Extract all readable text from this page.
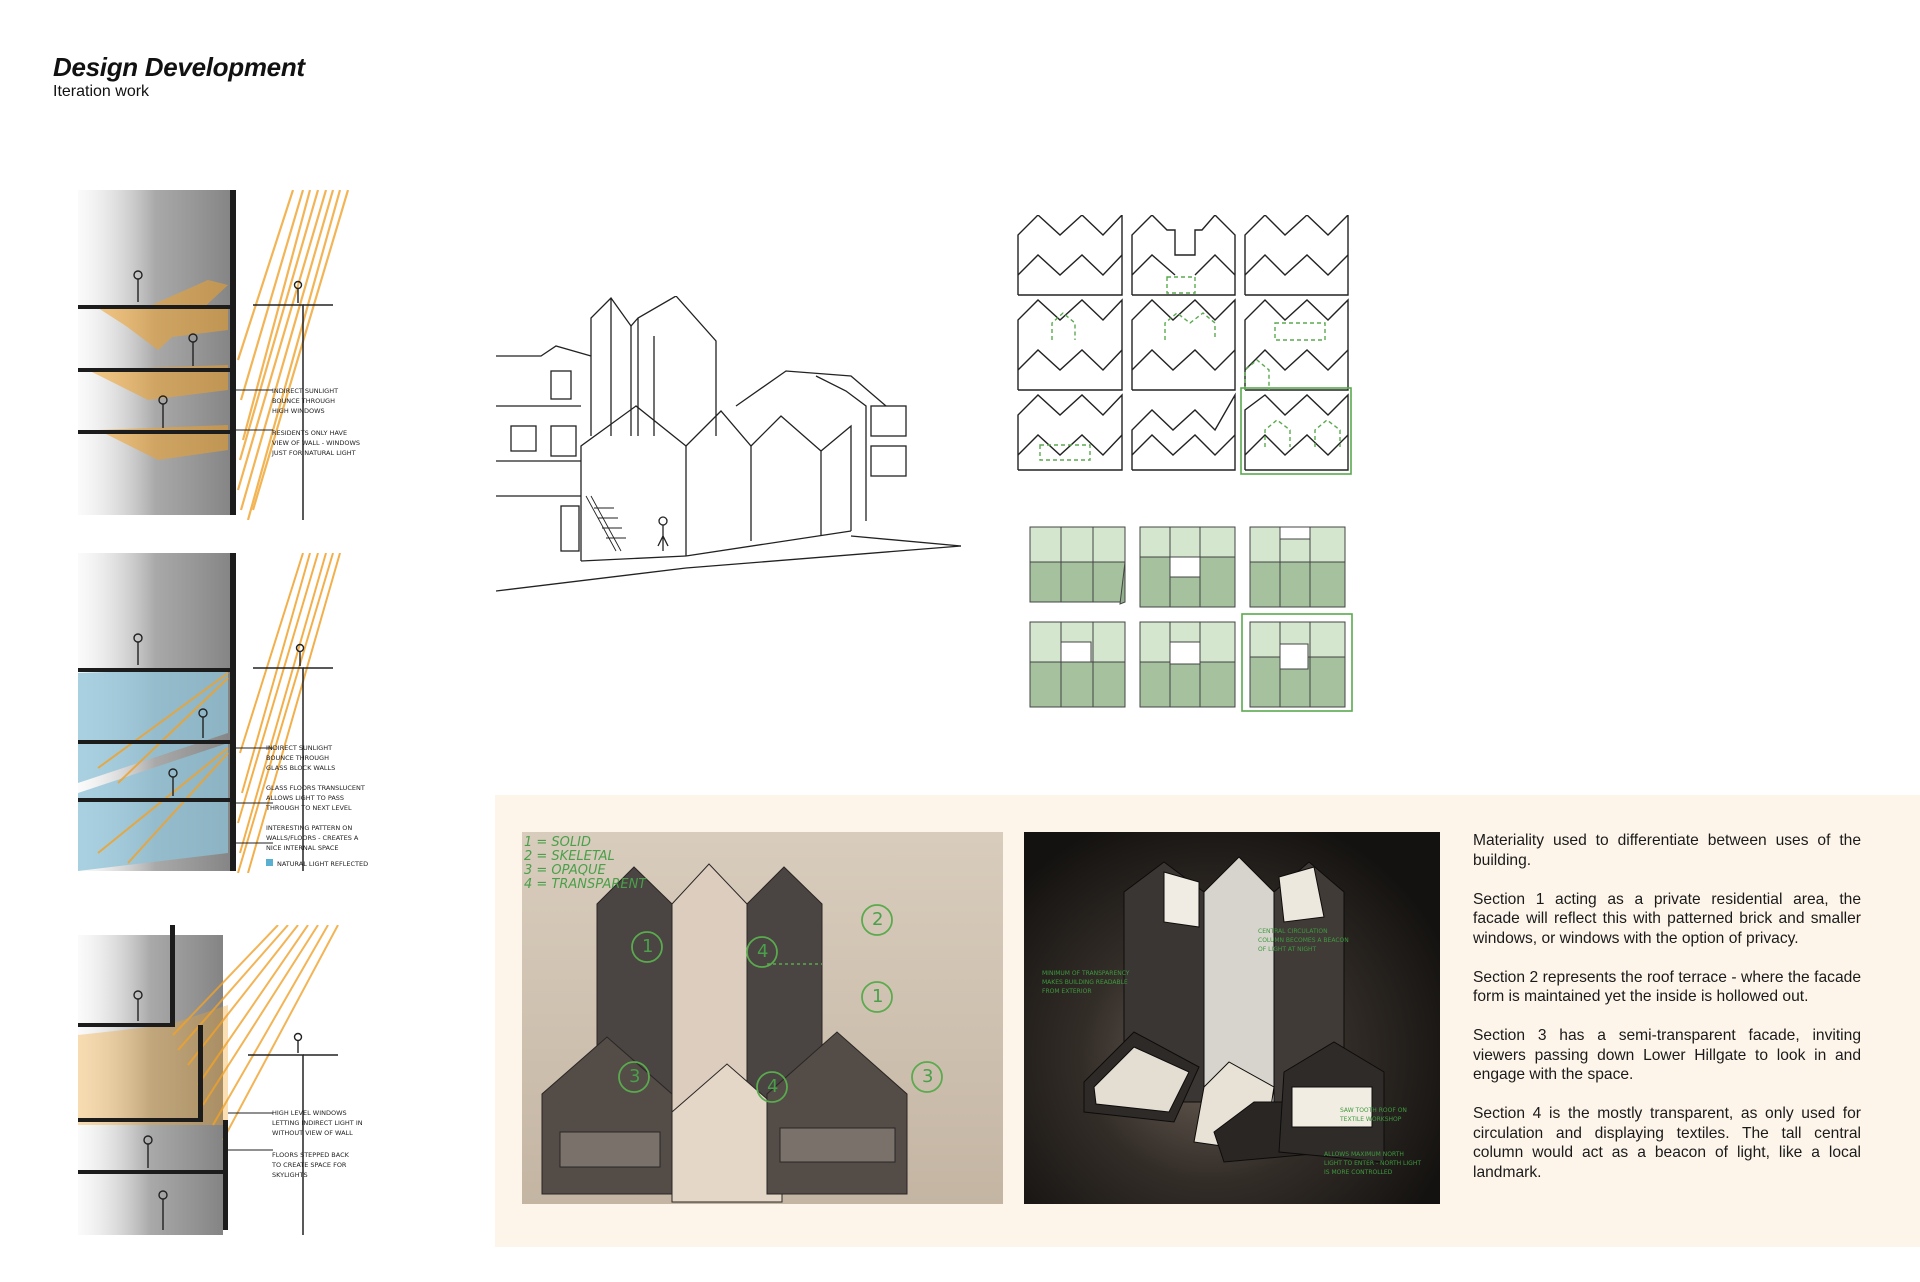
Design Development
Iteration work
INDIRECT SUNLIGHT
BOUNCE THROUGH
HIGH WINDOWS
RESIDENTS ONLY HAVE
VIEW OF WALL - WINDOWS
JUST FOR NATURAL LIGHT
INDIRECT SUNLIGHT
BOUNCE THROUGH
GLASS BLOCK WALLS
GLASS FLOORS TRANSLUCENT
ALLOWS LIGHT TO PASS
THROUGH TO NEXT LEVEL
INTERESTING PATTERN ON
WALLS/FLOORS - CREATES A
NICE INTERNAL SPACE
NATURAL LIGHT REFLECTED
HIGH LEVEL WINDOWS
LETTING INDIRECT LIGHT IN
WITHOUT VIEW OF WALL
FLOORS STEPPED BACK
TO CREATE SPACE FOR
SKYLIGHTS
1 = SOLID
2 = SKELETAL
3 = OPAQUE
4 = TRANSPARENT
1	4
2
1
3	4	3
CENTRAL CIRCULATION
COLUMN BECOMES A BEACON
OF LIGHT AT NIGHT
MINIMUM OF TRANSPARENCY
MAKES BUILDING READABLE
FROM EXTERIOR
SAW TOOTH ROOF ON
TEXTILE WORKSHOP
ALLOWS MAXIMUM NORTH
LIGHT TO ENTER - NORTH LIGHT
IS MORE CONTROLLED

Materiality used to differentiate between uses of the building.

Section 1 acting as a private residential area, the facade will reflect this with patterned brick and smaller windows, or windows with the option of privacy.

Section 2 represents the roof terrace - where the facade form is maintained yet the inside is hollowed out.

Section 3 has a semi-transparent facade, inviting viewers passing down Lower Hillgate to look in and engage with the space.

Section 4 is the mostly transparent, as only used for circulation and displaying textiles. The tall central column would act as a beacon of light, like a local landmark.
